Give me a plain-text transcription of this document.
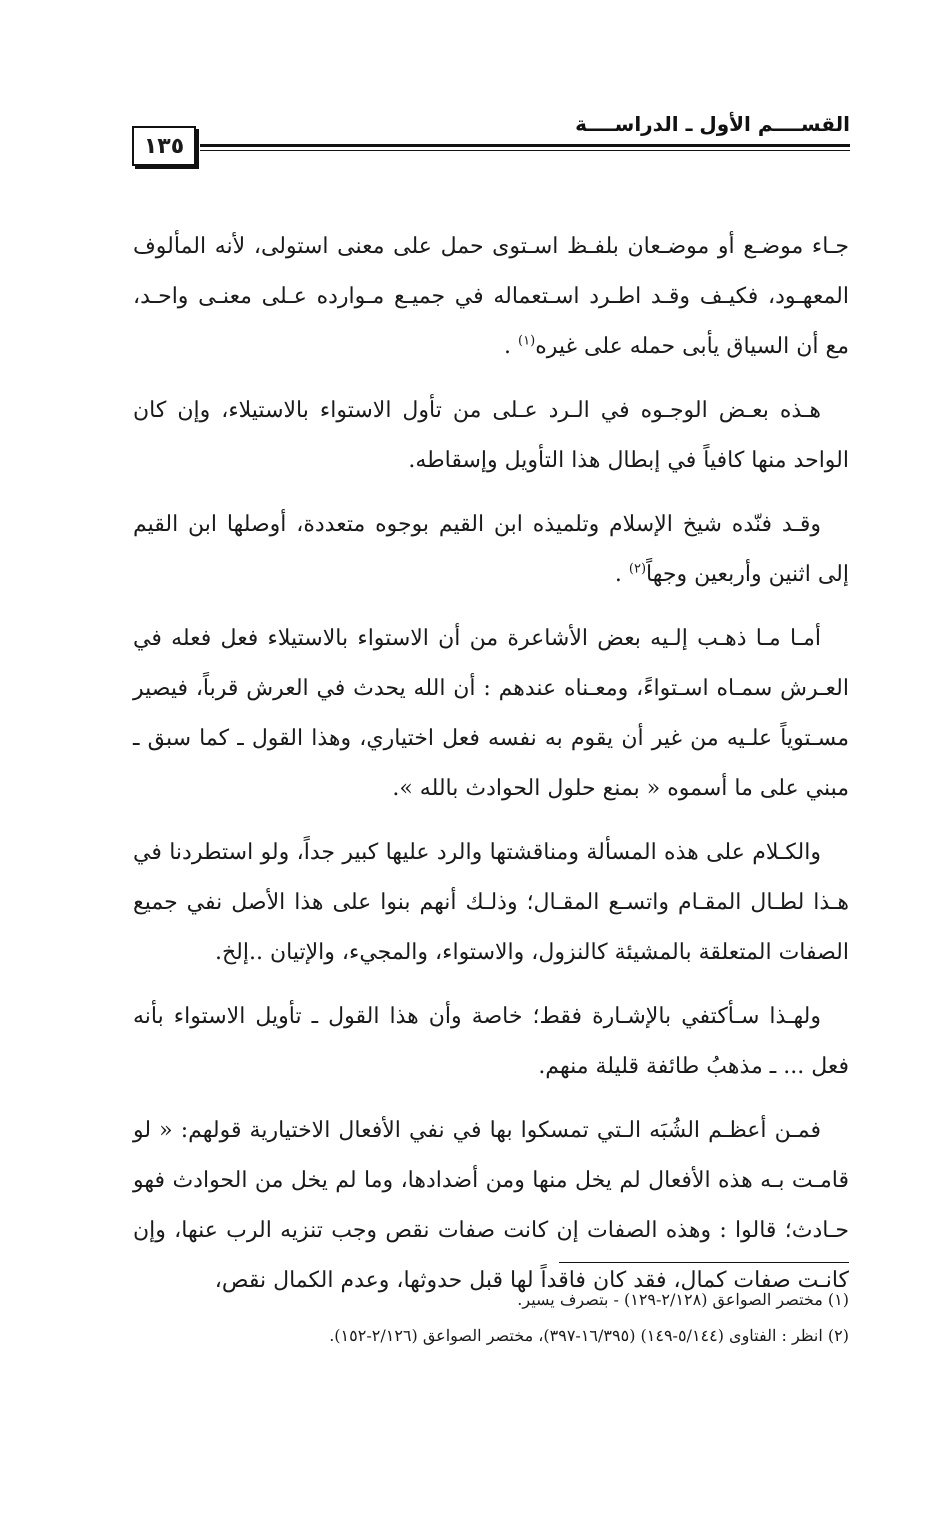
القســــم الأول ـ الدراســــة
١٣٥

جـاء موضـع أو موضـعان بلفـظ اسـتوى حمل على معنى استولى، لأنه المألوف المعهـود، فكيـف وقـد اطـرد اسـتعماله في جميـع مـوارده عـلى معنـى واحـد، مع أن السياق يأبى حمله على غيره$^{(١)}$ .

هـذه بعـض الوجـوه في الـرد عـلى من تأول الاستواء بالاستيلاء، وإن كان الواحد منها كافياً في إبطال هذا التأويل وإسقاطه.

وقـد فنّده شيخ الإسلام وتلميذه ابن القيم بوجوه متعددة، أوصلها ابن القيم إلى اثنين وأربعين وجهاً$^{(٢)}$ .

أمـا مـا ذهـب إلـيه بعض الأشاعرة من أن الاستواء بالاستيلاء فعل فعله في العـرش سمـاه اسـتواءً، ومعـناه عندهم : أن الله يحدث في العرش قرباً، فيصير مسـتوياً علـيه من غير أن يقوم به نفسه فعل اختياري، وهذا القول ـ كما سبق ـ مبني على ما أسموه « بمنع حلول الحوادث بالله ».

والكـلام على هذه المسألة ومناقشتها والرد عليها كبير جداً، ولو استطردنا في هـذا لطـال المقـام واتسـع المقـال؛ وذلـك أنهم بنوا على هذا الأصل نفي جميع الصفات المتعلقة بالمشيئة كالنزول، والاستواء، والمجيء، والإتيان ..إلخ.

ولهـذا سـأكتفي بالإشـارة فقط؛ خاصة وأن هذا القول ـ تأويل الاستواء بأنه فعل ... ـ مذهبُ طائفة قليلة منهم.

فمـن أعظـم الشُبَه الـتي تمسكوا بها في نفي الأفعال الاختيارية قولهم: « لو قامـت بـه هذه الأفعال لم يخل منها ومن أضدادها، وما لم يخل من الحوادث فهو حـادث؛ قالوا : وهذه الصفات إن كانت صفات نقص وجب تنزيه الرب عنها، وإن كانـت صفات كمال، فقد كان فاقداً لها قبل حدوثها، وعدم الكمال نقص،

(١) مختصر الصواعق (٢/١٢٨-١٢٩) - بتصرف يسير.
(٢) انظر : الفتاوى (٥/١٤٤-١٤٩) (١٦/٣٩٥-٣٩٧)، مختصر الصواعق (٢/١٢٦-١٥٢).
